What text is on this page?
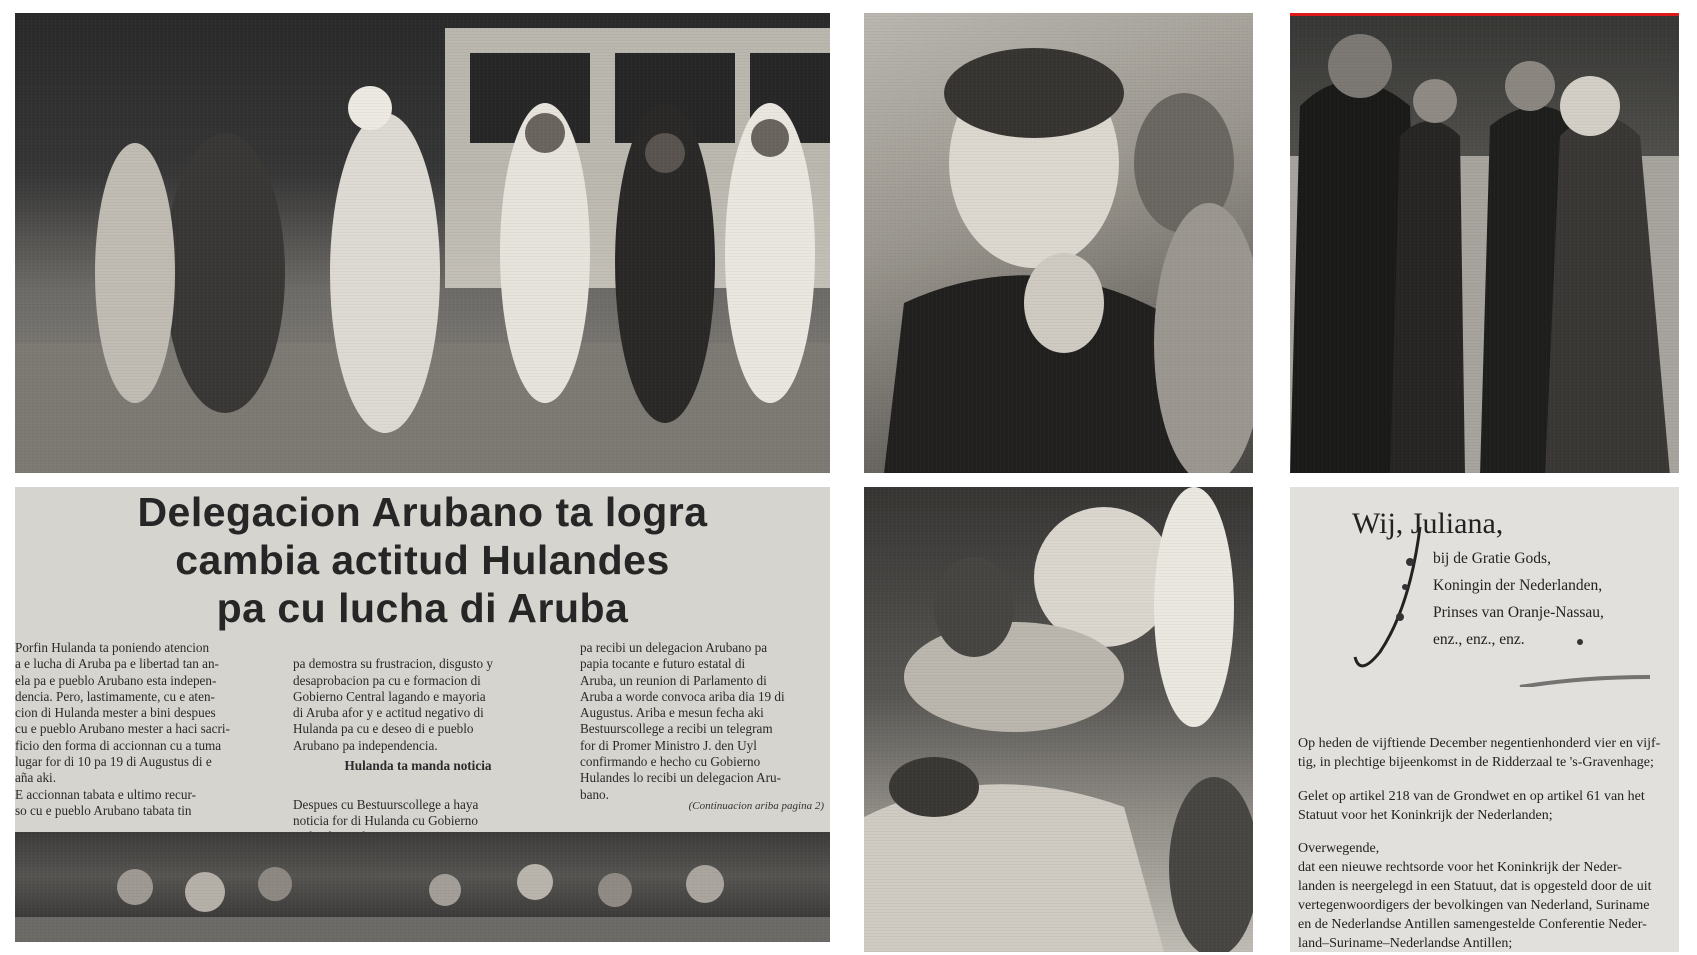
Delegacion Arubano ta logra
cambia actitud Hulandes
pa cu lucha di Aruba
Porfin Hulanda ta poniendo atencion
a e lucha di Aruba pa e libertad tan an-
ela pa e pueblo Arubano esta indepen-
dencia. Pero, lastimamente, cu e aten-
cion di Hulanda mester a bini despues
cu e pueblo Arubano mester a haci sacri-
ficio den forma di accionnan cu a tuma
lugar for di 10 pa 19 di Augustus di e
aña aki.
E accionnan tabata e ultimo recur-
so cu e pueblo Arubano tabata tin

pa demostra su frustracion, disgusto y
desaprobacion pa cu e formacion di
Gobierno Central lagando e mayoria
di Aruba afor y e actitud negativo di
Hulanda pa cu e deseo di e pueblo
Arubano pa independencia.

Hulanda ta manda noticia

Despues cu Bestuurscollege a haya
noticia for di Hulanda cu Gobierno

pa recibi un delegacion Arubano pa
papia tocante e futuro estatal di
Aruba, un reunion di Parlamento di
Aruba a worde convoca ariba dia 19 di
Augustus. Ariba e mesun fecha aki
Bestuurscollege a recibi un telegram
for di Promer Ministro J. den Uyl
confirmando e hecho cu Gobierno
Hulandes lo recibi un delegacion Aru-
bano.
(Continuacion ariba pagina 2)
Wij, Juliana,
bij de Gratie Gods,
Koningin der Nederlanden,
Prinses van Oranje-Nassau,
enz., enz., enz.
Op heden de vijftiende December negentienhonderd vier en vijf-
tig, in plechtige bijeenkomst in de Ridderzaal te 's-Gravenhage;
Gelet op artikel 218 van de Grondwet en op artikel 61 van het
Statuut voor het Koninkrijk der Nederlanden;
Overwegende,
dat een nieuwe rechtsorde voor het Koninkrijk der Neder-
landen is neergelegd in een Statuut, dat is opgesteld door de uit
vertegenwoordigers der bevolkingen van Nederland, Suriname
en de Nederlandse Antillen samengestelde Conferentie Neder-
land–Suriname–Nederlandse Antillen;
